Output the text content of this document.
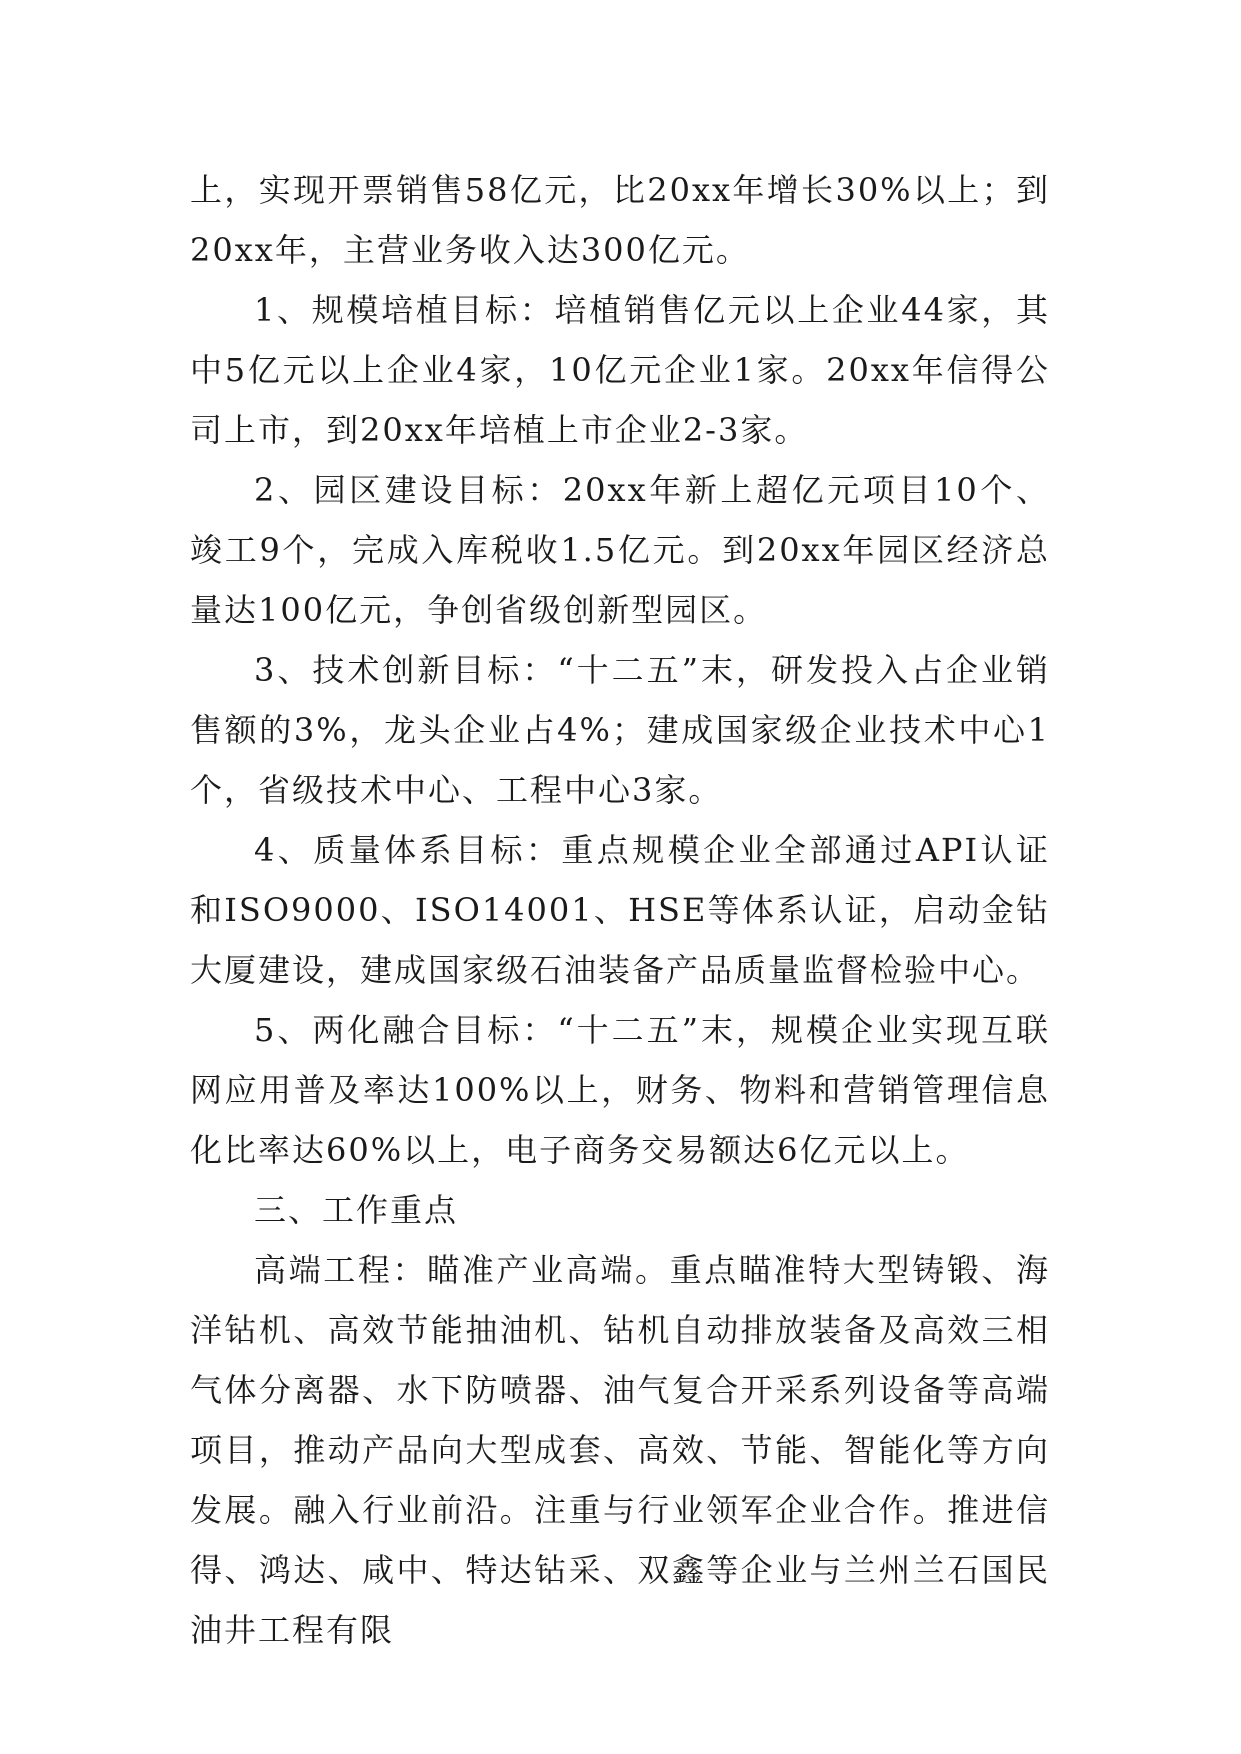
上，实现开票销售58亿元，比20xx年增长30%以上；到20xx年，主营业务收入达300亿元。

1、规模培植目标：培植销售亿元以上企业44家，其中5亿元以上企业4家，10亿元企业1家。20xx年信得公司上市，到20xx年培植上市企业2-3家。

2、园区建设目标：20xx年新上超亿元项目10个、竣工9个，完成入库税收1.5亿元。到20xx年园区经济总量达100亿元，争创省级创新型园区。

3、技术创新目标：“十二五”末，研发投入占企业销售额的3%，龙头企业占4%；建成国家级企业技术中心1个，省级技术中心、工程中心3家。

4、质量体系目标：重点规模企业全部通过API认证和ISO9000、ISO14001、HSE等体系认证，启动金钻大厦建设，建成国家级石油装备产品质量监督检验中心。

5、两化融合目标：“十二五”末，规模企业实现互联网应用普及率达100%以上，财务、物料和营销管理信息化比率达60%以上，电子商务交易额达6亿元以上。

三、工作重点

高端工程：瞄准产业高端。重点瞄准特大型铸锻、海洋钻机、高效节能抽油机、钻机自动排放装备及高效三相气体分离器、水下防喷器、油气复合开采系列设备等高端项目，推动产品向大型成套、高效、节能、智能化等方向发展。融入行业前沿。注重与行业领军企业合作。推进信得、鸿达、咸中、特达钻采、双鑫等企业与兰州兰石国民油井工程有限
